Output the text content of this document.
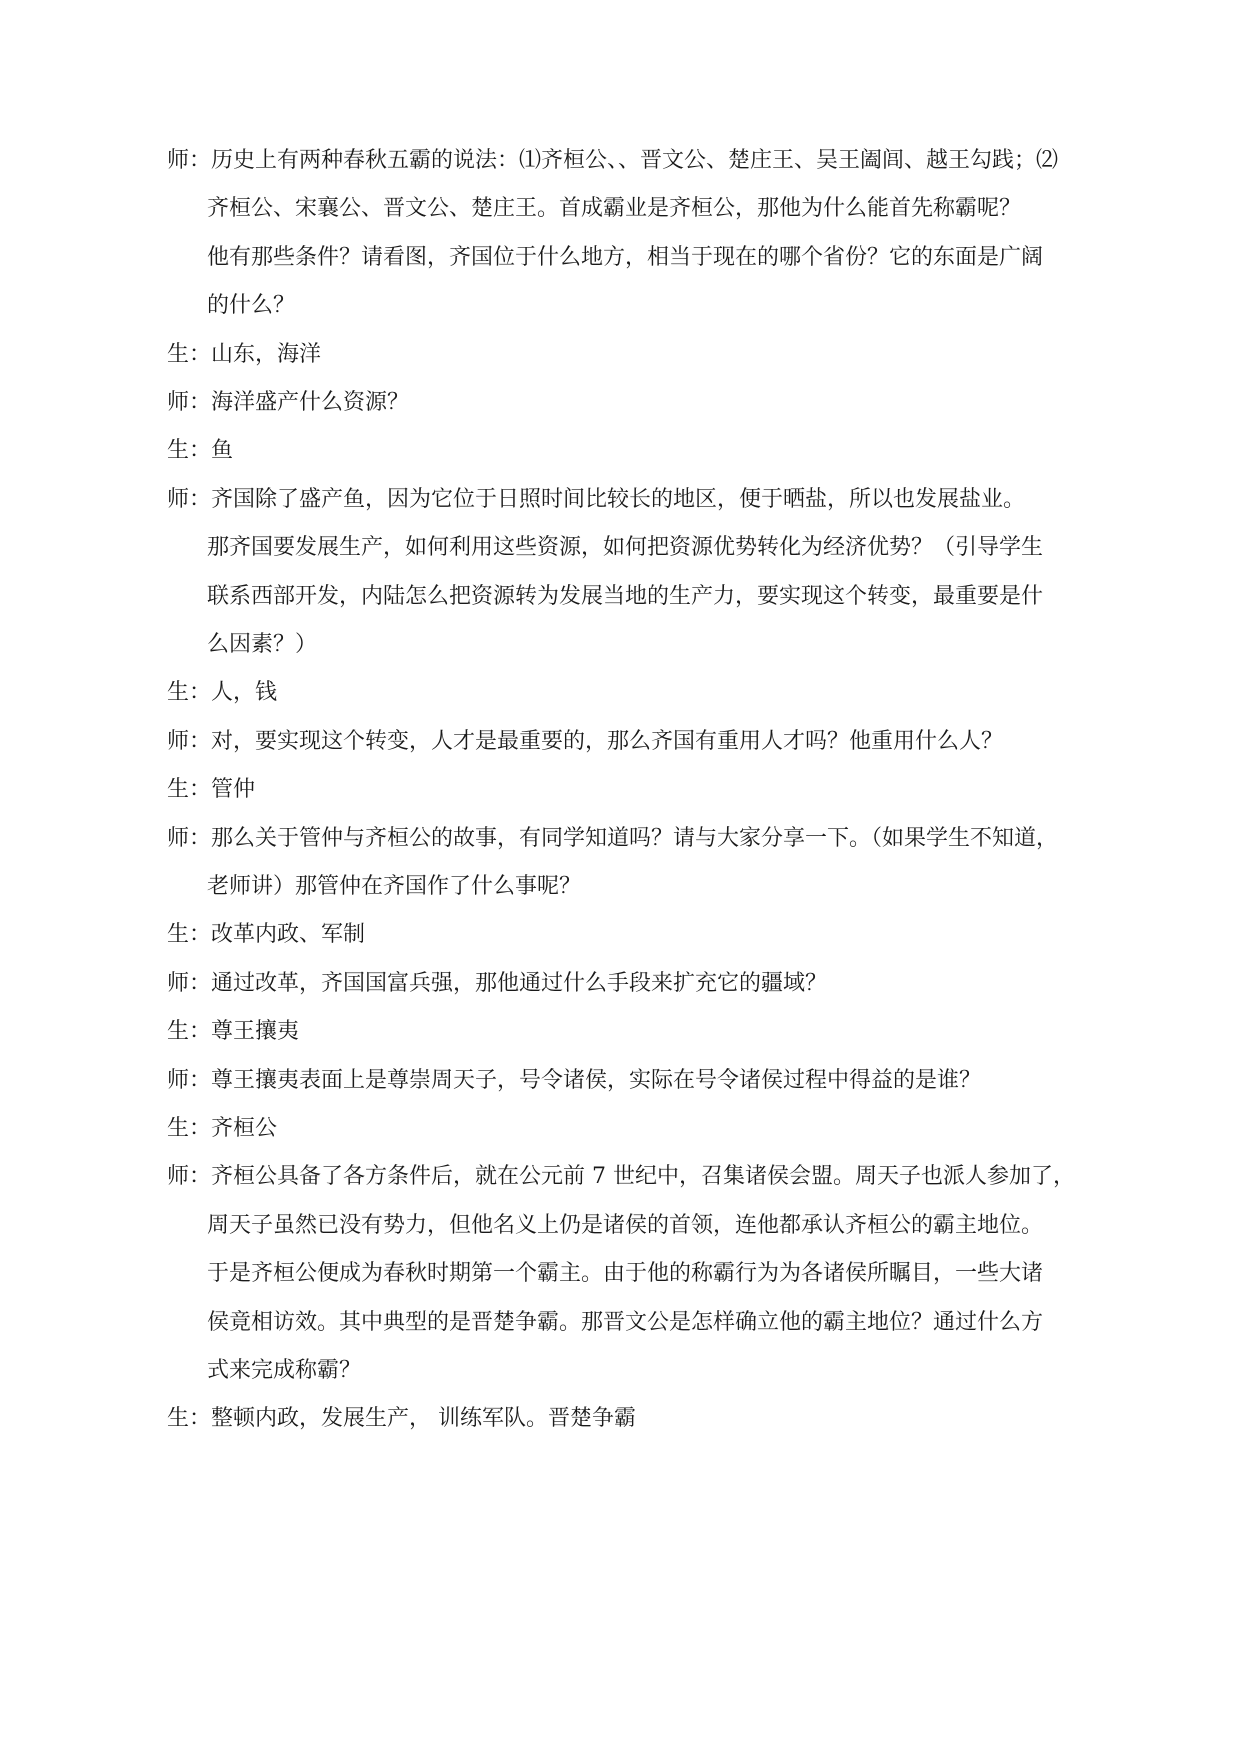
师：历史上有两种春秋五霸的说法：⑴齐桓公、、晋文公、楚庄王、吴王阖闾、越王勾践；⑵
齐桓公、宋襄公、晋文公、楚庄王。首成霸业是齐桓公，那他为什么能首先称霸呢？
他有那些条件？请看图，齐国位于什么地方，相当于现在的哪个省份？它的东面是广阔
的什么？
生：山东，海洋
师：海洋盛产什么资源？
生：鱼
师：齐国除了盛产鱼，因为它位于日照时间比较长的地区，便于晒盐，所以也发展盐业。
那齐国要发展生产，如何利用这些资源，如何把资源优势转化为经济优势？（引导学生
联系西部开发，内陆怎么把资源转为发展当地的生产力，要实现这个转变，最重要是什
么因素？）
生：人，钱
师：对，要实现这个转变，人才是最重要的，那么齐国有重用人才吗？他重用什么人？
生：管仲
师：那么关于管仲与齐桓公的故事，有同学知道吗？请与大家分享一下。（如果学生不知道，
老师讲）那管仲在齐国作了什么事呢？
生：改革内政、军制
师：通过改革，齐国国富兵强，那他通过什么手段来扩充它的疆域？
生：尊王攘夷
师：尊王攘夷表面上是尊崇周天子，号令诸侯，实际在号令诸侯过程中得益的是谁？
生：齐桓公
师：齐桓公具备了各方条件后，就在公元前 7 世纪中，召集诸侯会盟。周天子也派人参加了，
周天子虽然已没有势力，但他名义上仍是诸侯的首领，连他都承认齐桓公的霸主地位。
于是齐桓公便成为春秋时期第一个霸主。由于他的称霸行为为各诸侯所瞩目，一些大诸
侯竟相访效。其中典型的是晋楚争霸。那晋文公是怎样确立他的霸主地位？通过什么方
式来完成称霸？
生：整顿内政，发展生产， 训练军队。晋楚争霸
